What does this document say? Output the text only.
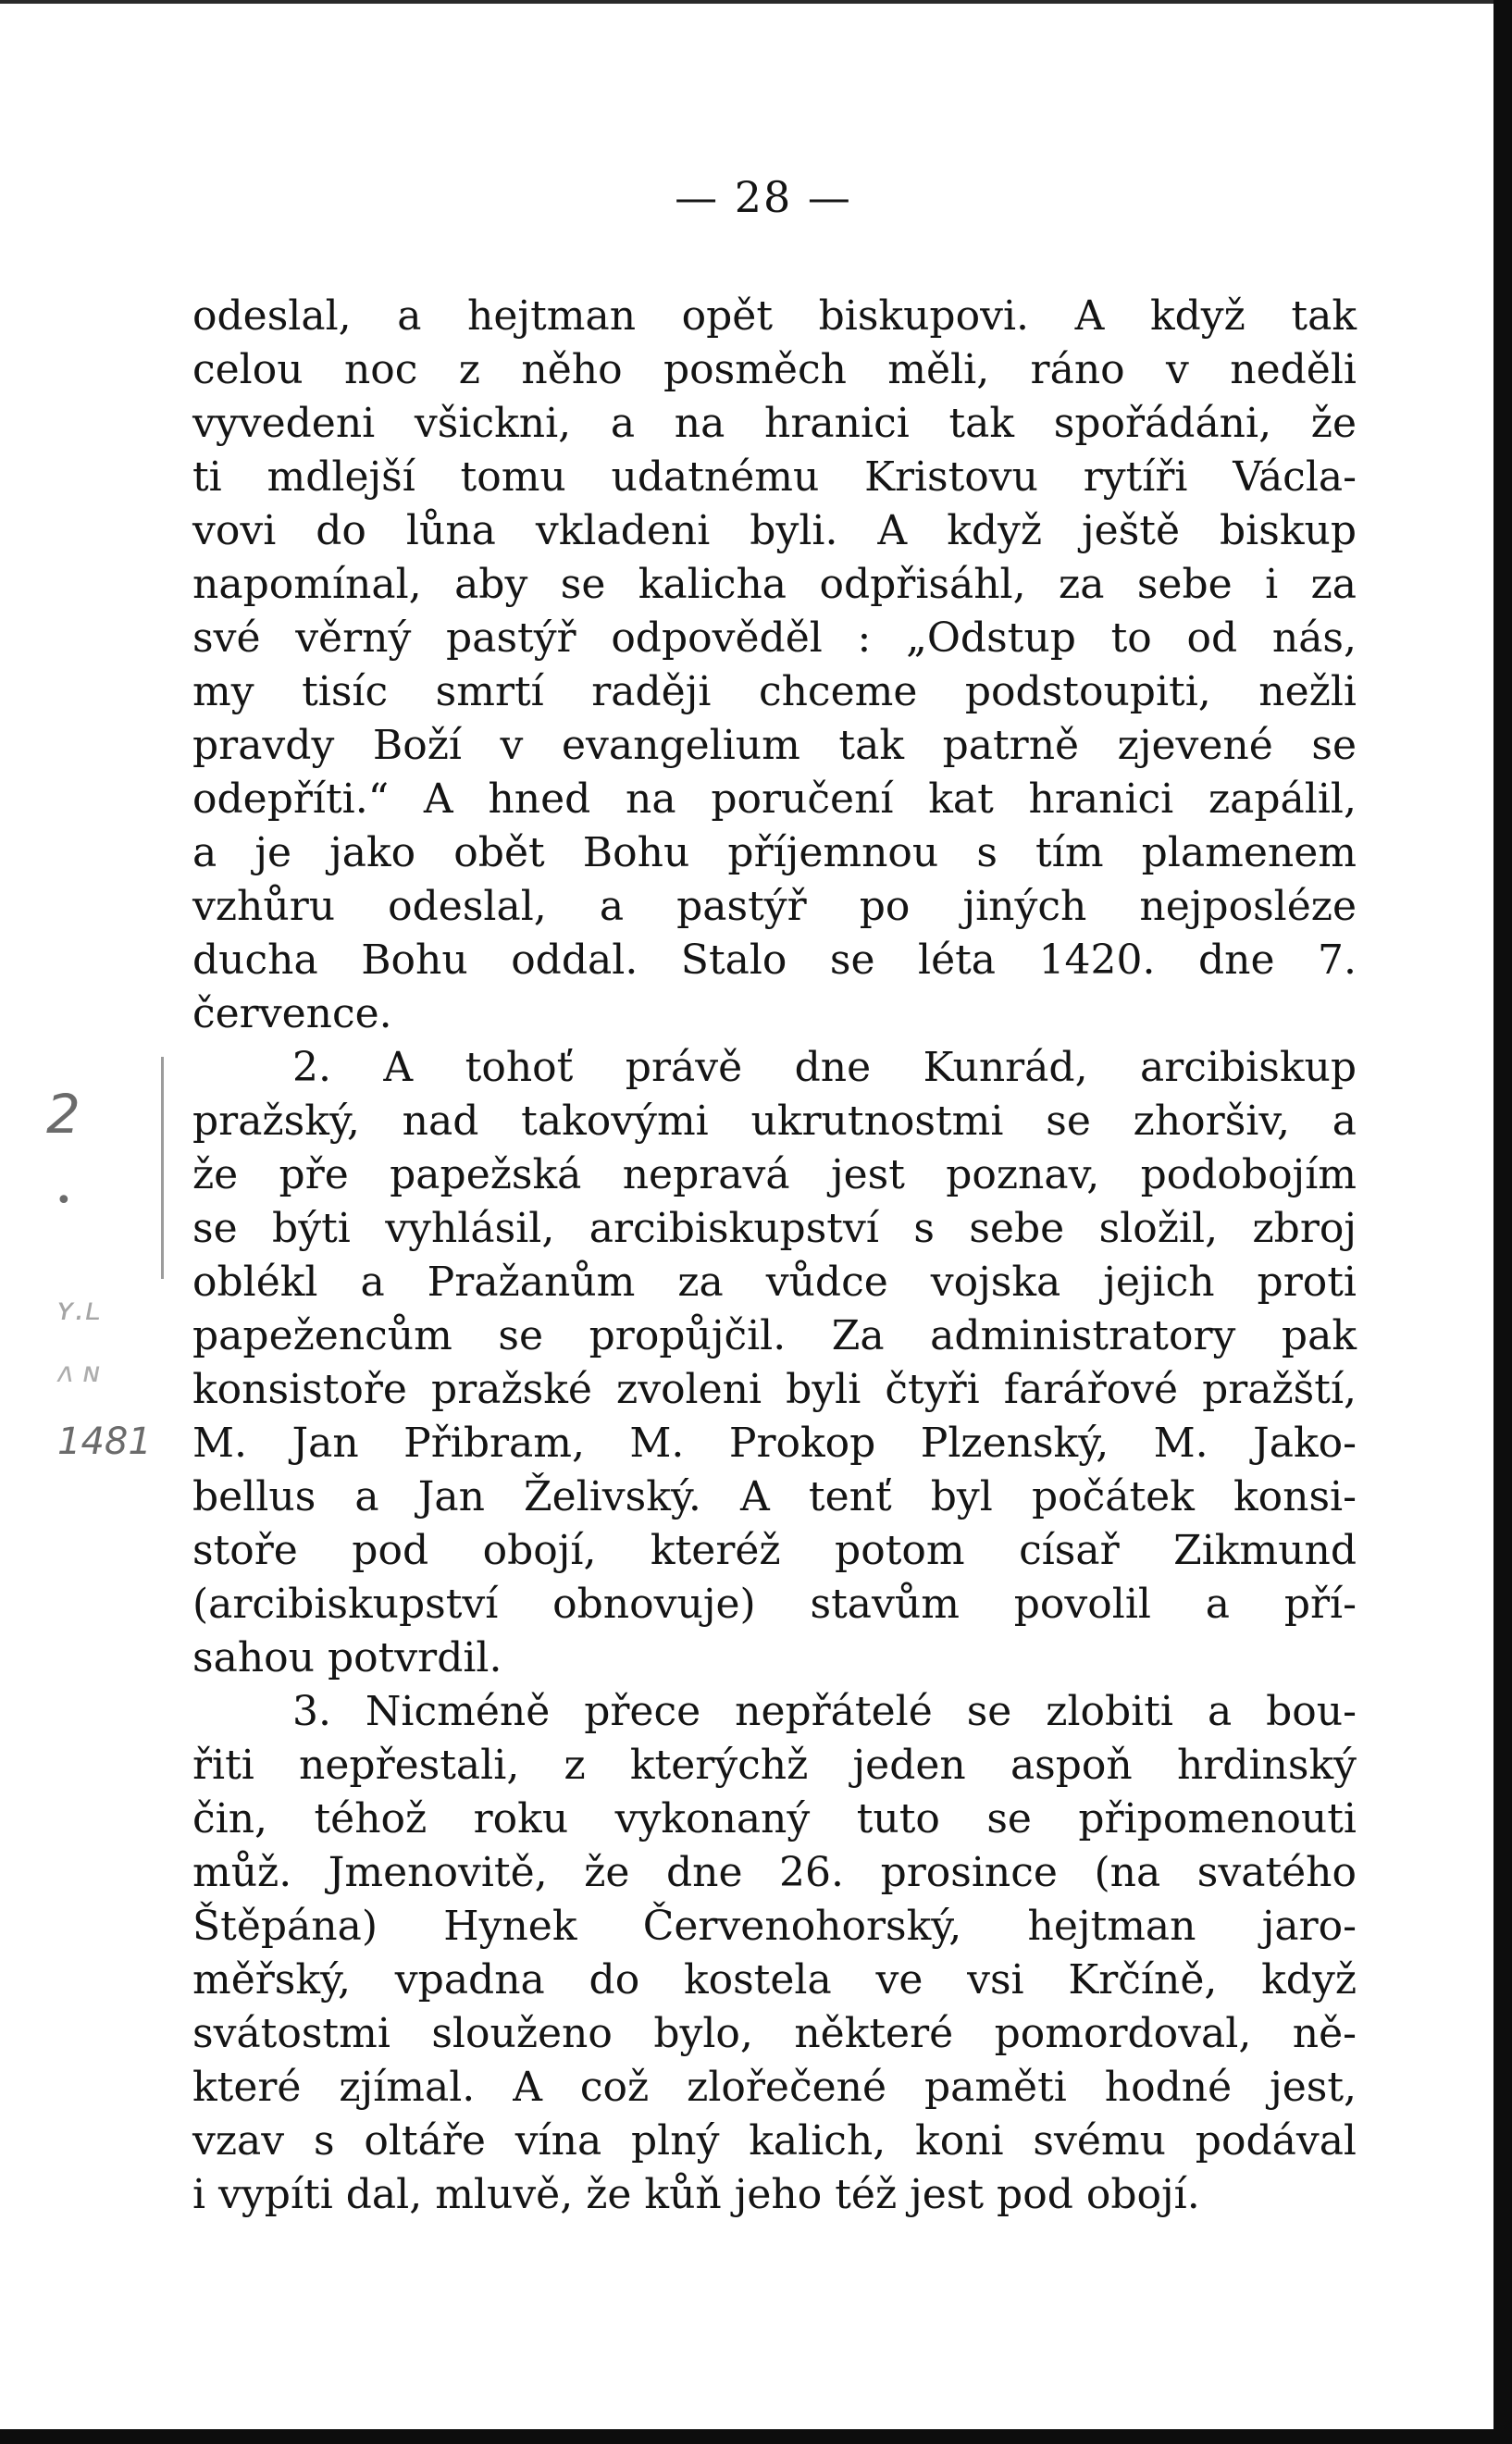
— 28 —
2
•
ʏ.ʟ
ʌ ɴ
1481
odeslal, a hejtman opět biskupovi. A když tak
celou noc z něho posměch měli, ráno v neděli
vyvedeni všickni, a na hranici tak spořádáni, že
ti mdlejší tomu udatnému Kristovu rytíři Václa-
vovi do lůna vkladeni byli. A když ještě biskup
napomínal, aby se kalicha odpřisáhl, za sebe i za
své věrný pastýř odpověděl : „Odstup to od nás,
my tisíc smrtí raději chceme podstoupiti, nežli
pravdy Boží v evangelium tak patrně zjevené se
odepříti.“ A hned na poručení kat hranici zapálil,
a je jako obět Bohu příjemnou s tím plamenem
vzhůru odeslal, a pastýř po jiných nejposléze
ducha Bohu oddal. Stalo se léta 1420. dne 7.
července.
2. A tohoť právě dne Kunrád, arcibiskup
pražský, nad takovými ukrutnostmi se zhoršiv, a
že pře papežská nepravá jest poznav, podobojím
se býti vyhlásil, arcibiskupství s sebe složil, zbroj
oblékl a Pražanům za vůdce vojska jejich proti
papežencům se propůjčil. Za administratory pak
konsistoře pražské zvoleni byli čtyři farářové pražští,
M. Jan Přibram, M. Prokop Plzenský, M. Jako-
bellus a Jan Želivský. A tenť byl počátek konsi-
stoře pod obojí, kteréž potom císař Zikmund
(arcibiskupství obnovuje) stavům povolil a pří-
sahou potvrdil.
3. Nicméně přece nepřátelé se zlobiti a bou-
řiti nepřestali, z kterýchž jeden aspoň hrdinský
čin, téhož roku vykonaný tuto se připomenouti
můž. Jmenovitě, že dne 26. prosince (na svatého
Štěpána) Hynek Červenohorský, hejtman jaro-
měřský, vpadna do kostela ve vsi Krčíně, když
svátostmi slouženo bylo, některé pomordoval, ně-
které zjímal. A což zlořečené paměti hodné jest,
vzav s oltáře vína plný kalich, koni svému podával
i vypíti dal, mluvě, že kůň jeho též jest pod obojí.
